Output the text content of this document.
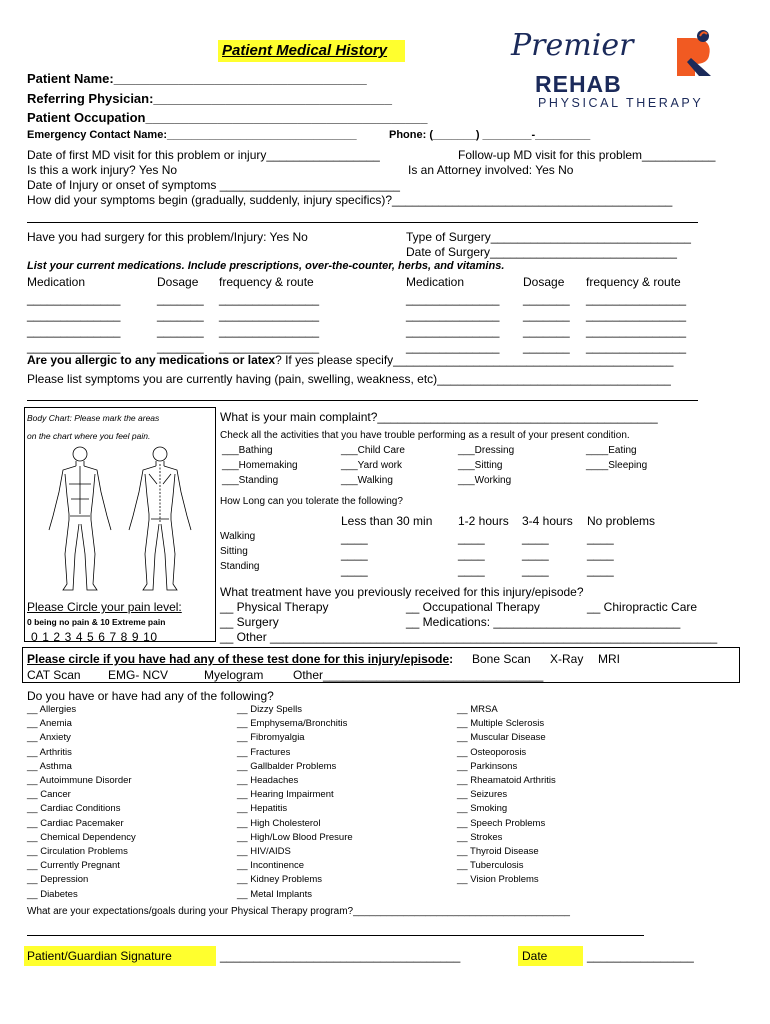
Patient Medical History	Premier
REHAB
PHYSICAL THERAPY
Patient Name:___________________________________
Referring Physician:_________________________________
Patient Occupation_______________________________________
Emergency Contact Name:_______________________________	Phone: (_______) ________-_________
Date of first MD visit for this problem or injury_________________	Follow-up MD visit for this problem___________
Is this a work injury? Yes No	Is an Attorney involved: Yes No
Date of Injury or onset of symptoms ___________________________
How did your symptoms begin (gradually, suddenly, injury specifics)?__________________________________________
Have you had surgery for this problem/Injury: Yes No	Type of Surgery______________________________
Date of Surgery____________________________
List your current medications. Include prescriptions, over-the-counter, herbs, and vitamins.
Medication	Dosage frequency & route	Medication	Dosage frequency & route
______________	_______ _______________	______________ _______ _______________
______________	_______ _______________	______________ _______ _______________
______________	_______ _______________	______________ _______ _______________
______________	_______ _______________	______________ _______ _______________
Are you allergic to any medications or latex? If yes please specify__________________________________________
Please list symptoms you are currently having (pain, swelling, weakness, etc)___________________________________
Body Chart: Please mark the areas
on the chart where you feel pain.
Please Circle your pain level:
0 being no pain & 10 Extreme pain
0 1 2 3 4 5 6 7 8 9 10
What is your main complaint?__________________________________________
Check all the activities that you have trouble performing as a result of your present condition.
___Bathing	___Child Care	___Dressing	____Eating
___Homemaking	___Yard work	___Sitting	____Sleeping
___Standing	___Walking	___Working
How Long can you tolerate the following?
Less than 30 min 1-2 hours 3-4 hours No problems
Walking
Sitting
Standing
____	____	____	____
____	____	____	____
____	____	____	____
What treatment have you previously received for this injury/episode?
__ Physical Therapy	__ Occupational Therapy	__ Chiropractic Care
__ Surgery	__ Medications: ____________________________
__ Other ___________________________________________________________________
Please circle if you have had any of these test done for this injury/episode: Bone Scan X-Ray MRI
CAT Scan EMG- NCV	Myelogram Other_________________________________
Do you have or have had any of the following?
__ Allergies
__ Anemia
__ Anxiety
__ Arthritis
__ Asthma
__ Autoimmune Disorder
__ Cancer
__ Cardiac Conditions
__ Cardiac Pacemaker
__ Chemical Dependency
__ Circulation Problems
__ Currently Pregnant
__ Depression
__ Diabetes
__ Dizzy Spells
__ Emphysema/Bronchitis
__ Fibromyalgia
__ Fractures
__ Gallbalder Problems
__ Headaches
__ Hearing Impairment
__ Hepatitis
__ High Cholesterol
__ High/Low Blood Presure
__ HIV/AIDS
__ Incontinence
__ Kidney Problems
__ Metal Implants
__ MRSA
__ Multiple Sclerosis
__ Muscular Disease
__ Osteoporosis
__ Parkinsons
__ Rheamatoid Arthritis
__ Seizures
__ Smoking
__ Speech Problems
__ Strokes
__ Thyroid Disease
__ Tuberculosis
__ Vision Problems
What are your expectations/goals during your Physical Therapy program?_______________________________________
Patient/Guardian Signature	____________________________________	Date	________________
